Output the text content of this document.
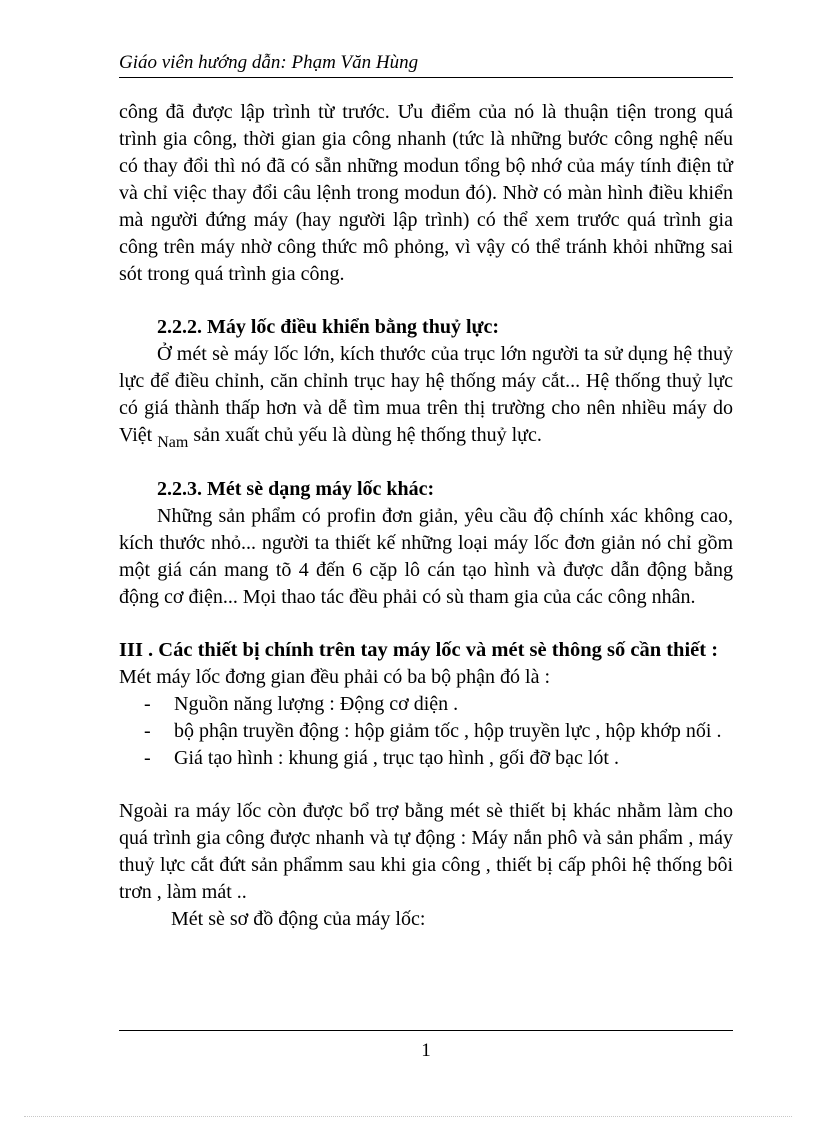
Giáo viên hướng dẫn: Phạm Văn Hùng

công đã được lập trình từ trước. Ưu điểm của nó là thuận tiện trong quá trình gia công, thời gian gia công nhanh (tức là những bước công nghệ nếu có thay đổi thì nó đã có sẵn những modun tổng bộ nhớ của máy tính điện tử và chỉ việc thay đổi câu lệnh trong modun đó). Nhờ có màn hình điều khiển mà người đứng máy (hay người lập trình) có thể xem trước quá trình gia công trên máy nhờ công thức mô phỏng, vì vậy có thể tránh khỏi những sai sót trong quá trình gia công.

2.2.2. Máy lốc điều khiển bằng thuỷ lực:

Ở mét sè máy lốc lớn, kích thước của trục lớn người ta sử dụng hệ thuỷ lực để điều chỉnh, căn chỉnh trục hay hệ thống máy cắt... Hệ thống thuỷ lực có giá thành thấp hơn và dễ tìm mua trên thị trường cho nên nhiều máy do Việt $_{Nam}$ sản xuất chủ yếu là dùng hệ thống thuỷ lực.

2.2.3. Mét sè dạng máy lốc khác:

Những sản phẩm có profin đơn giản, yêu cầu độ chính xác không cao, kích thước nhỏ... người ta thiết kế những loại máy lốc đơn giản nó chỉ gồm một giá cán mang tõ 4 đến 6 cặp lô cán tạo hình và được dẫn động bằng động cơ điện... Mọi thao tác đều phải có sù tham gia của các công nhân.

III . Các thiết bị chính trên tay máy lốc và mét sè thông số cần thiết :

Mét máy lốc đơng gian đều phải có ba bộ phận đó là :

- Nguồn năng lượng : Động cơ diện .
- bộ phận truyền động : hộp giảm tốc , hộp truyền lực , hộp khớp nối .
- Giá tạo hình : khung giá , trục tạo hình , gối đỡ bạc lót .

Ngoài ra máy lốc còn được bổ trợ bằng mét sè thiết bị khác nhằm làm cho quá trình gia công được nhanh và tự động : Máy nắn phô và sản phẩm , máy thuỷ lực cắt đứt sản phẩmm sau khi gia công , thiết bị cấp phôi hệ thống bôi trơn , làm mát ..

Mét sè sơ đồ động của máy lốc:

1
